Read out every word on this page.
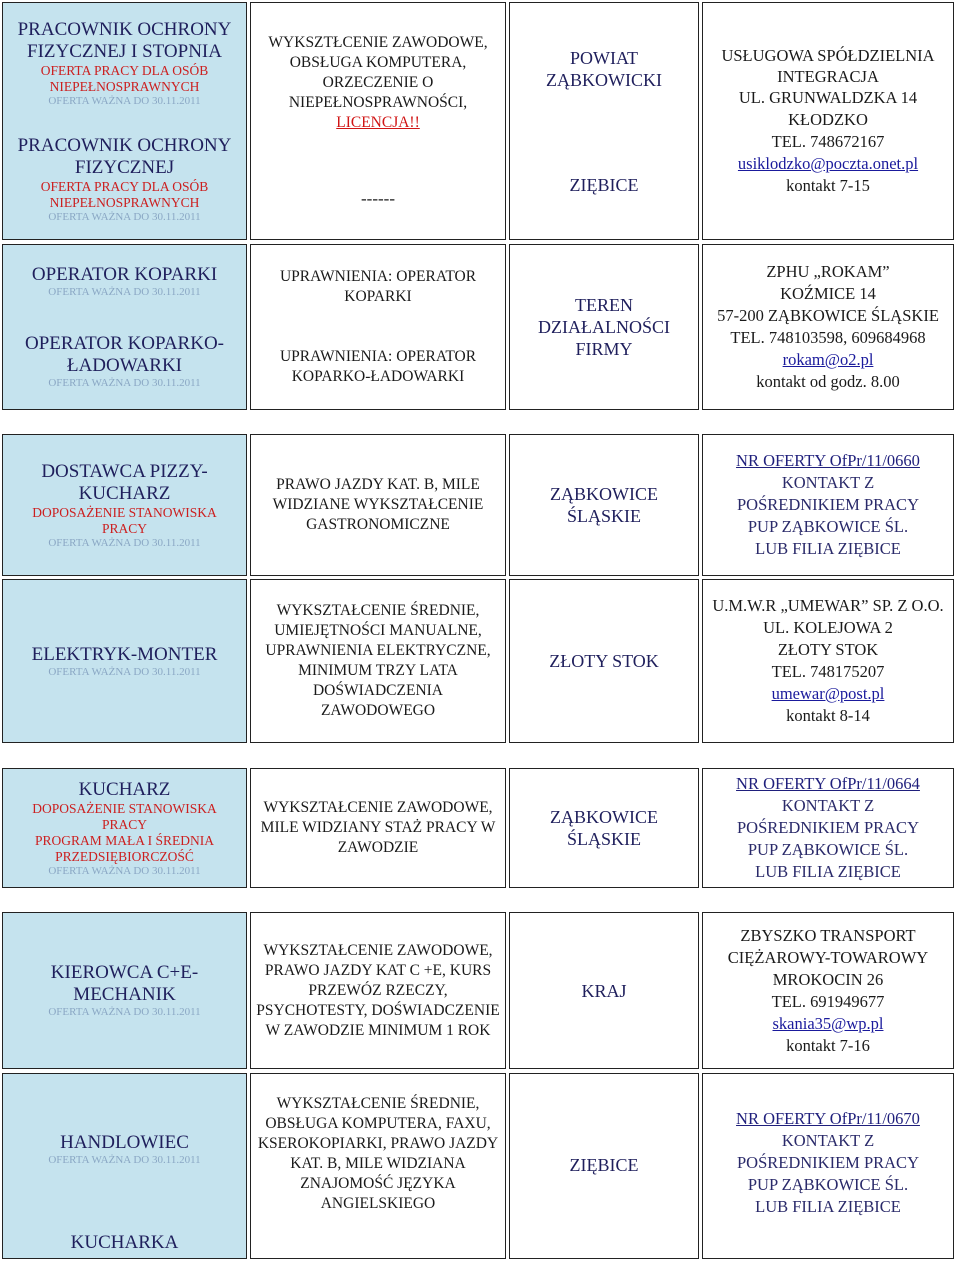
PRACOWNIK OCHRONY FIZYCZNEJ I STOPNIA
OFERTA PRACY DLA OSÓB
NIEPEŁNOSPRAWNYCH
OFERTA WAŻNA DO 30.11.2011
PRACOWNIK OCHRONY FIZYCZNEJ
OFERTA PRACY DLA OSÓB
NIEPEŁNOSPRAWNYCH
OFERTA WAŻNA DO 30.11.2011
WYKSZTŁCENIE ZAWODOWE, OBSŁUGA KOMPUTERA, ORZECZENIE O NIEPEŁNOSPRAWNOŚCI, LICENCJA!!
------
POWIAT ZĄBKOWICKI
ZIĘBICE
USŁUGOWA SPÓŁDZIELNIA INTEGRACJA
UL. GRUNWALDZKA 14
KŁODZKO
TEL. 748672167
usiklodzko@poczta.onet.pl
kontakt 7-15
OPERATOR KOPARKI
OFERTA WAŻNA DO 30.11.2011
OPERATOR KOPARKO-ŁADOWARKI
OFERTA WAŻNA DO 30.11.2011
UPRAWNIENIA: OPERATOR KOPARKI
UPRAWNIENIA: OPERATOR KOPARKO-ŁADOWARKI
TEREN DZIAŁALNOŚCI FIRMY
ZPHU „ROKAM”
KOŹMICE 14
57-200 ZĄBKOWICE ŚLĄSKIE
TEL. 748103598, 609684968
rokam@o2.pl
kontakt od godz. 8.00
DOSTAWCA PIZZY-KUCHARZ
DOPOSAŻENIE STANOWISKA
PRACY
OFERTA WAŻNA DO 30.11.2011
PRAWO JAZDY KAT. B, MILE WIDZIANE WYKSZTAŁCENIE GASTRONOMICZNE
ZĄBKOWICE ŚLĄSKIE
NR OFERTY OfPr/11/0660
KONTAKT Z
POŚREDNIKIEM PRACY
PUP ZĄBKOWICE ŚL.
LUB FILIA ZIĘBICE
ELEKTRYK-MONTER
OFERTA WAŻNA DO 30.11.2011
WYKSZTAŁCENIE ŚREDNIE, UMIEJĘTNOŚCI MANUALNE, UPRAWNIENIA ELEKTRYCZNE, MINIMUM TRZY LATA DOŚWIADCZENIA ZAWODOWEGO
ZŁOTY STOK
U.M.W.R „UMEWAR” SP. Z O.O.
UL. KOLEJOWA 2
ZŁOTY STOK
TEL. 748175207
umewar@post.pl
kontakt 8-14
KUCHARZ
DOPOSAŻENIE STANOWISKA
PRACY
PROGRAM MAŁA I ŚREDNIA
PRZEDSIĘBIORCZOŚĆ
OFERTA WAŻNA DO 30.11.2011
WYKSZTAŁCENIE ZAWODOWE, MILE WIDZIANY STAŻ PRACY W ZAWODZIE
ZĄBKOWICE ŚLĄSKIE
NR OFERTY OfPr/11/0664
KONTAKT Z
POŚREDNIKIEM PRACY
PUP ZĄBKOWICE ŚL.
LUB FILIA ZIĘBICE
KIEROWCA C+E-MECHANIK
OFERTA WAŻNA DO 30.11.2011
WYKSZTAŁCENIE ZAWODOWE, PRAWO JAZDY KAT C +E, KURS PRZEWÓZ RZECZY, PSYCHOTESTY, DOŚWIADCZENIE W ZAWODZIE MINIMUM 1 ROK
KRAJ
ZBYSZKO TRANSPORT CIĘŻAROWY-TOWAROWY
MROKOCIN 26
TEL. 691949677
skania35@wp.pl
kontakt 7-16
HANDLOWIEC
OFERTA WAŻNA DO 30.11.2011
KUCHARKA
WYKSZTAŁCENIE ŚREDNIE, OBSŁUGA KOMPUTERA, FAXU, KSEROKOPIARKI, PRAWO JAZDY KAT. B, MILE WIDZIANA ZNAJOMOŚĆ JĘZYKA ANGIELSKIEGO
ZIĘBICE
NR OFERTY OfPr/11/0670
KONTAKT Z
POŚREDNIKIEM PRACY
PUP ZĄBKOWICE ŚL.
LUB FILIA ZIĘBICE
